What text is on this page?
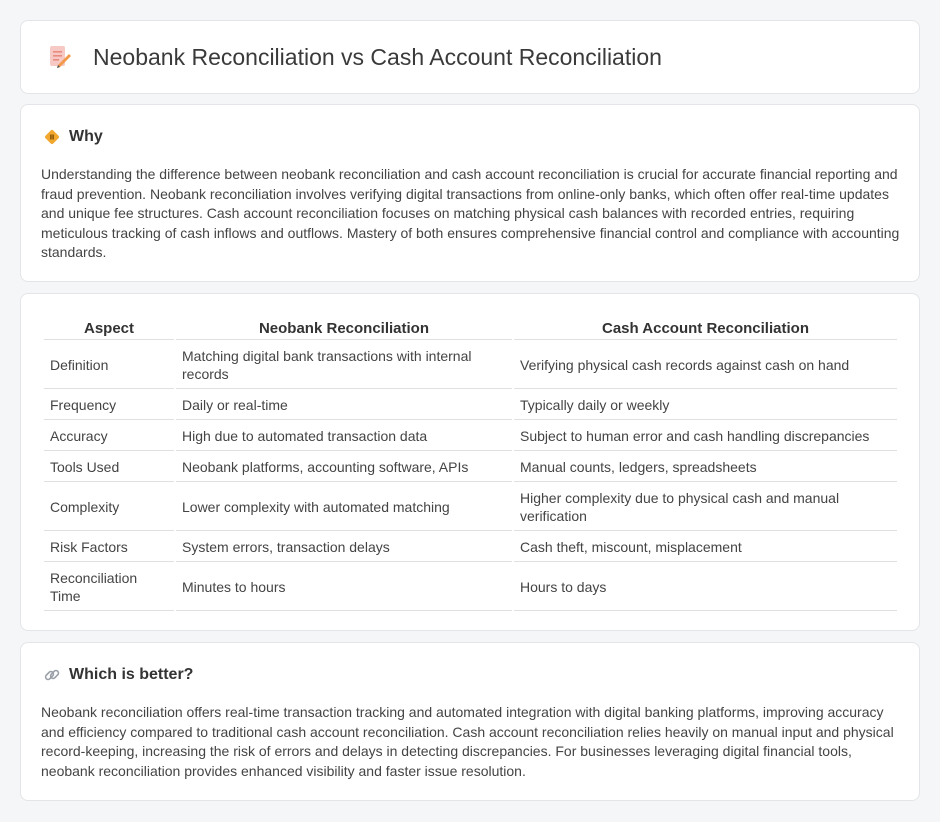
Neobank Reconciliation vs Cash Account Reconciliation
Why

Understanding the difference between neobank reconciliation and cash account reconciliation is crucial for accurate financial reporting and fraud prevention. Neobank reconciliation involves verifying digital transactions from online-only banks, which often offer real-time updates and unique fee structures. Cash account reconciliation focuses on matching physical cash balances with recorded entries, requiring meticulous tracking of cash inflows and outflows. Mastery of both ensures comprehensive financial control and compliance with accounting standards.

Aspect	Neobank Reconciliation	Cash Account Reconciliation
Definition	Matching digital bank transactions with internal records	Verifying physical cash records against cash on hand
Frequency	Daily or real-time	Typically daily or weekly
Accuracy	High due to automated transaction data	Subject to human error and cash handling discrepancies
Tools Used	Neobank platforms, accounting software, APIs	Manual counts, ledgers, spreadsheets
Complexity	Lower complexity with automated matching	Higher complexity due to physical cash and manual verification
Risk Factors	System errors, transaction delays	Cash theft, miscount, misplacement
Reconciliation Time	Minutes to hours	Hours to days
Which is better?

Neobank reconciliation offers real-time transaction tracking and automated integration with digital banking platforms, improving accuracy and efficiency compared to traditional cash account reconciliation. Cash account reconciliation relies heavily on manual input and physical record-keeping, increasing the risk of errors and delays in detecting discrepancies. For businesses leveraging digital financial tools, neobank reconciliation provides enhanced visibility and faster issue resolution.
